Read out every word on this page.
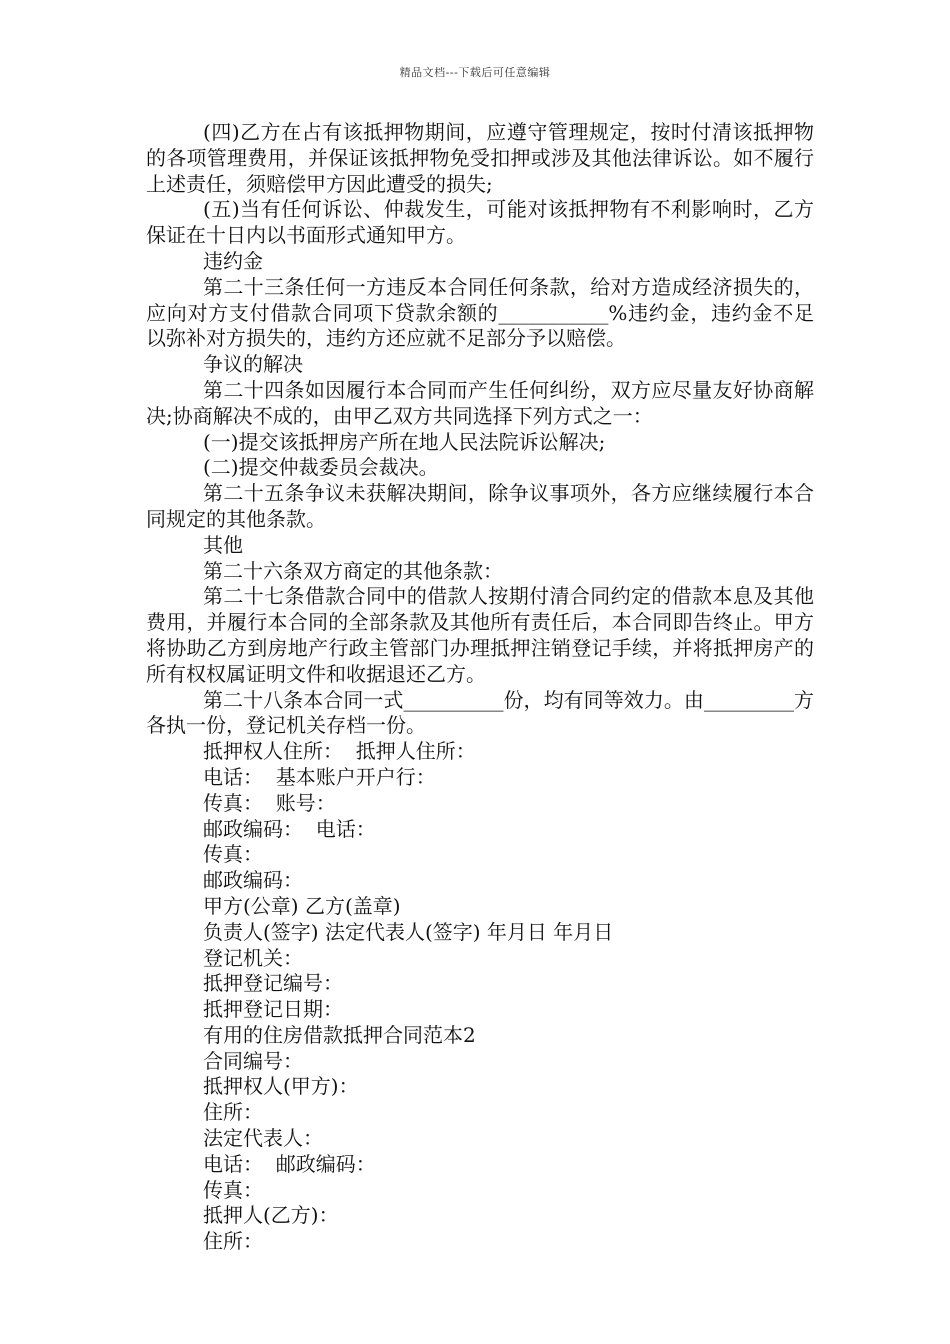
精品文档---下载后可任意编辑

(四)乙方在占有该抵押物期间，应遵守管理规定，按时付清该抵押物的各项管理费用，并保证该抵押物免受扣押或涉及其他法律诉讼。如不履行上述责任，须赔偿甲方因此遭受的损失;

(五)当有任何诉讼、仲裁发生，可能对该抵押物有不利影响时，乙方保证在十日内以书面形式通知甲方。

违约金

第二十三条任何一方违反本合同任何条款，给对方造成经济损失的，应向对方支付借款合同项下贷款余额的___________%违约金，违约金不足以弥补对方损失的，违约方还应就不足部分予以赔偿。

争议的解决

第二十四条如因履行本合同而产生任何纠纷，双方应尽量友好协商解决;协商解决不成的，由甲乙双方共同选择下列方式之一：

(一)提交该抵押房产所在地人民法院诉讼解决;

(二)提交仲裁委员会裁决。

第二十五条争议未获解决期间，除争议事项外，各方应继续履行本合同规定的其他条款。

其他

第二十六条双方商定的其他条款：

第二十七条借款合同中的借款人按期付清合同约定的借款本息及其他费用，并履行本合同的全部条款及其他所有责任后，本合同即告终止。甲方将协助乙方到房地产行政主管部门办理抵押注销登记手续，并将抵押房产的所有权权属证明文件和收据退还乙方。

第二十八条本合同一式__________份，均有同等效力。由_________方各执一份，登记机关存档一份。

抵押权人住所：  抵押人住所：

电话：  基本账户开户行：

传真：  账号：

邮政编码：  电话：

传真：

邮政编码：

甲方(公章) 乙方(盖章)

负责人(签字) 法定代表人(签字) 年月日 年月日

登记机关：

抵押登记编号：

抵押登记日期：

有用的住房借款抵押合同范本2

合同编号：

抵押权人(甲方)：

住所：

法定代表人：

电话：  邮政编码：

传真：

抵押人(乙方)：

住所：
